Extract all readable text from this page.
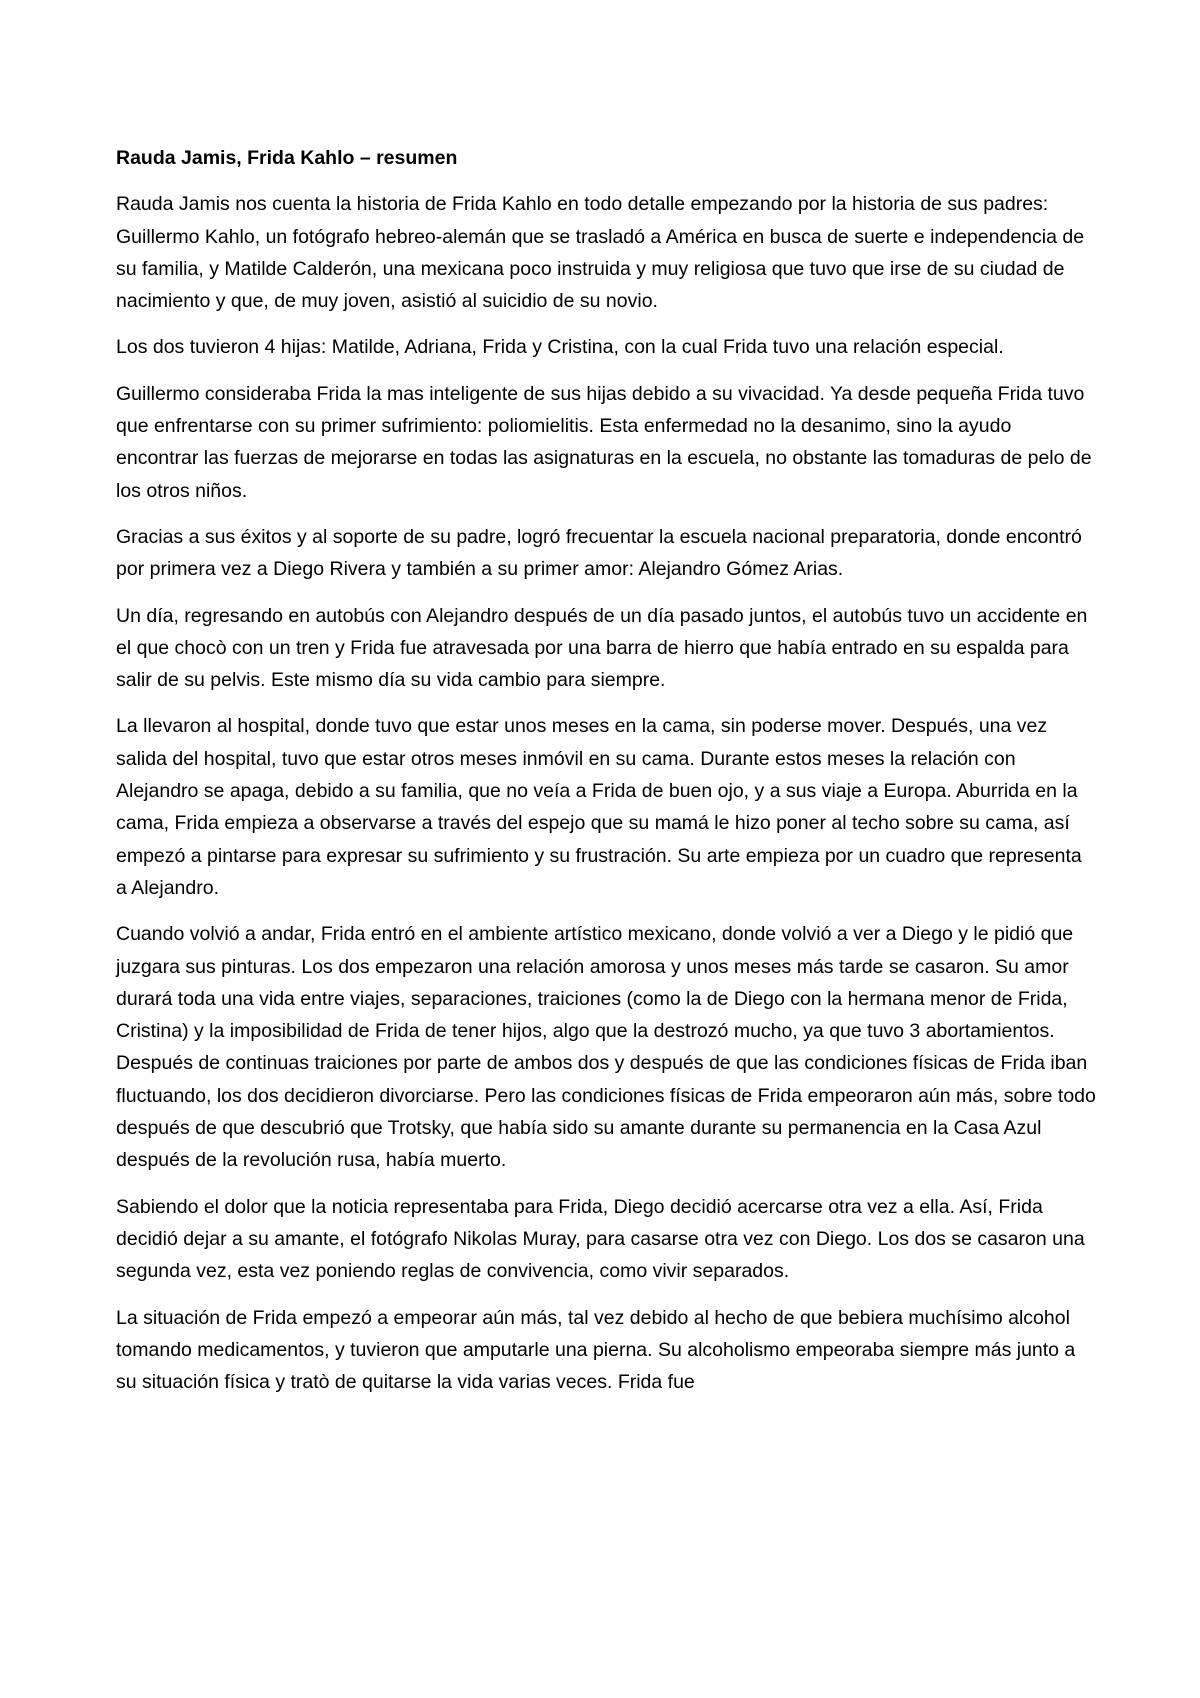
Rauda Jamis, Frida Kahlo – resumen

Rauda Jamis nos cuenta la historia de Frida Kahlo en todo detalle empezando por la historia de sus padres: Guillermo Kahlo, un fotógrafo hebreo-alemán que se trasladó a América en busca de suerte e independencia de su familia, y Matilde Calderón, una mexicana poco instruida y muy religiosa que tuvo que irse de su ciudad de nacimiento y que, de muy joven, asistió al suicidio de su novio.

Los dos tuvieron 4 hijas: Matilde, Adriana, Frida y Cristina, con la cual Frida tuvo una relación especial.

Guillermo consideraba Frida la mas inteligente de sus hijas debido a su vivacidad. Ya desde pequeña Frida tuvo que enfrentarse con su primer sufrimiento: poliomielitis. Esta enfermedad no la desanimo, sino la ayudo encontrar las fuerzas de mejorarse en todas las asignaturas en la escuela, no obstante las tomaduras de pelo de los otros niños.

Gracias a sus éxitos y al soporte de su padre, logró frecuentar la escuela nacional preparatoria, donde encontró por primera vez a Diego Rivera y también a su primer amor: Alejandro Gómez Arias.

Un día, regresando en autobús con Alejandro después de un día pasado juntos, el autobús tuvo un accidente en el que chocò con un tren y Frida fue atravesada por una barra de hierro que había entrado en su espalda para salir de su pelvis. Este mismo día su vida cambio para siempre.

La llevaron al hospital, donde tuvo que estar unos meses en la cama, sin poderse mover. Después, una vez salida del hospital, tuvo que estar otros meses inmóvil en su cama. Durante estos meses la relación con Alejandro se apaga, debido a su familia, que no veía a Frida de buen ojo, y a sus viaje a Europa. Aburrida en la cama, Frida empieza a observarse a través del espejo que su mamá le hizo poner al techo sobre su cama, así empezó a pintarse para expresar su sufrimiento y su frustración. Su arte empieza por un cuadro que representa a Alejandro.

Cuando volvió a andar, Frida entró en el ambiente artístico mexicano, donde volvió a ver a Diego y le pidió que juzgara sus pinturas. Los dos empezaron una relación amorosa y unos meses más tarde se casaron. Su amor durará toda una vida entre viajes, separaciones, traiciones (como la de Diego con la hermana menor de Frida, Cristina) y la imposibilidad de Frida de tener hijos, algo que la destrozó mucho, ya que tuvo 3 abortamientos. Después de continuas traiciones por parte de ambos dos y después de que las condiciones físicas de Frida iban fluctuando, los dos decidieron divorciarse. Pero las condiciones físicas de Frida empeoraron aún más, sobre todo después de que descubrió que Trotsky, que había sido su amante durante su permanencia en la Casa Azul después de la revolución rusa, había muerto.

Sabiendo el dolor que la noticia representaba para Frida, Diego decidió acercarse otra vez a ella. Así, Frida decidió dejar a su amante, el fotógrafo Nikolas Muray, para casarse otra vez con Diego. Los dos se casaron una segunda vez, esta vez poniendo reglas de convivencia, como vivir separados.

La situación de Frida empezó a empeorar aún más, tal vez debido al hecho de que bebiera muchísimo alcohol tomando medicamentos, y tuvieron que amputarle una pierna. Su alcoholismo empeoraba siempre más junto a su situación física y tratò de quitarse la vida varias veces. Frida fue
